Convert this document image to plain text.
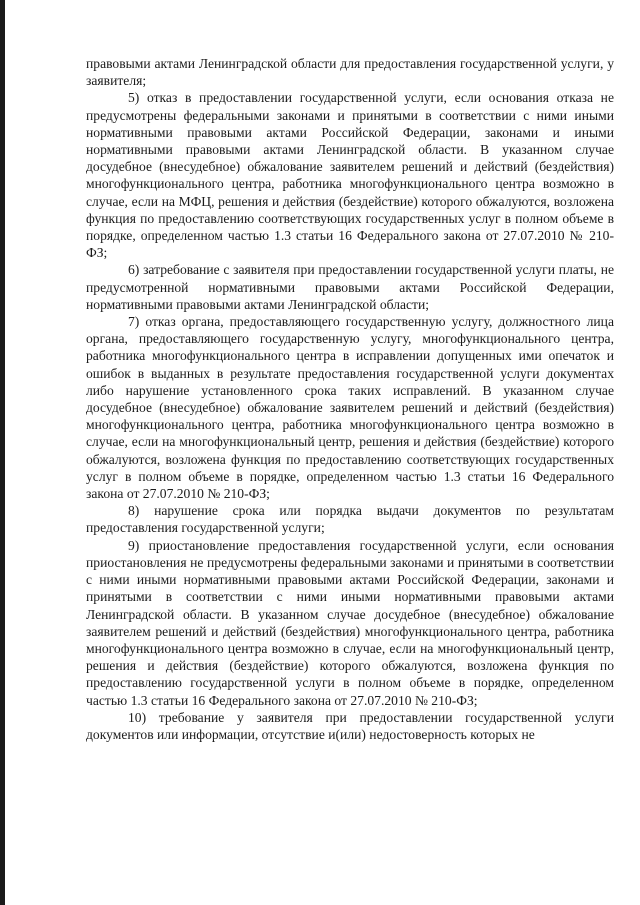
правовыми актами Ленинградской области для предоставления государственной услуги, у заявителя;

5) отказ в предоставлении государственной услуги, если основания отказа не предусмотрены федеральными законами и принятыми в соответствии с ними иными нормативными правовыми актами Российской Федерации, законами и иными нормативными правовыми актами Ленинградской области. В указанном случае досудебное (внесудебное) обжалование заявителем решений и действий (бездействия) многофункционального центра, работника многофункционального центра возможно в случае, если на МФЦ, решения и действия (бездействие) которого обжалуются, возложена функция по предоставлению соответствующих государственных услуг в полном объеме в порядке, определенном частью 1.3 статьи 16 Федерального закона от 27.07.2010 № 210-ФЗ;

6) затребование с заявителя при предоставлении государственной услуги платы, не предусмотренной нормативными правовыми актами Российской Федерации, нормативными правовыми актами Ленинградской области;

7) отказ органа, предоставляющего государственную услугу, должностного лица органа, предоставляющего государственную услугу, многофункционального центра, работника многофункционального центра в исправлении допущенных ими опечаток и ошибок в выданных в результате предоставления государственной услуги документах либо нарушение установленного срока таких исправлений. В указанном случае досудебное (внесудебное) обжалование заявителем решений и действий (бездействия) многофункционального центра, работника многофункционального центра возможно в случае, если на многофункциональный центр, решения и действия (бездействие) которого обжалуются, возложена функция по предоставлению соответствующих государственных услуг в полном объеме в порядке, определенном частью 1.3 статьи 16 Федерального закона от 27.07.2010 № 210-ФЗ;

8) нарушение срока или порядка выдачи документов по результатам предоставления государственной услуги;

9) приостановление предоставления государственной услуги, если основания приостановления не предусмотрены федеральными законами и принятыми в соответствии с ними иными нормативными правовыми актами Российской Федерации, законами и принятыми в соответствии с ними иными нормативными правовыми актами Ленинградской области. В указанном случае досудебное (внесудебное) обжалование заявителем решений и действий (бездействия) многофункционального центра, работника многофункционального центра возможно в случае, если на многофункциональный центр, решения и действия (бездействие) которого обжалуются, возложена функция по предоставлению государственной услуги в полном объеме в порядке, определенном частью 1.3 статьи 16 Федерального закона от 27.07.2010 № 210-ФЗ;

10) требование у заявителя при предоставлении государственной услуги документов или информации, отсутствие и(или) недостоверность которых не
